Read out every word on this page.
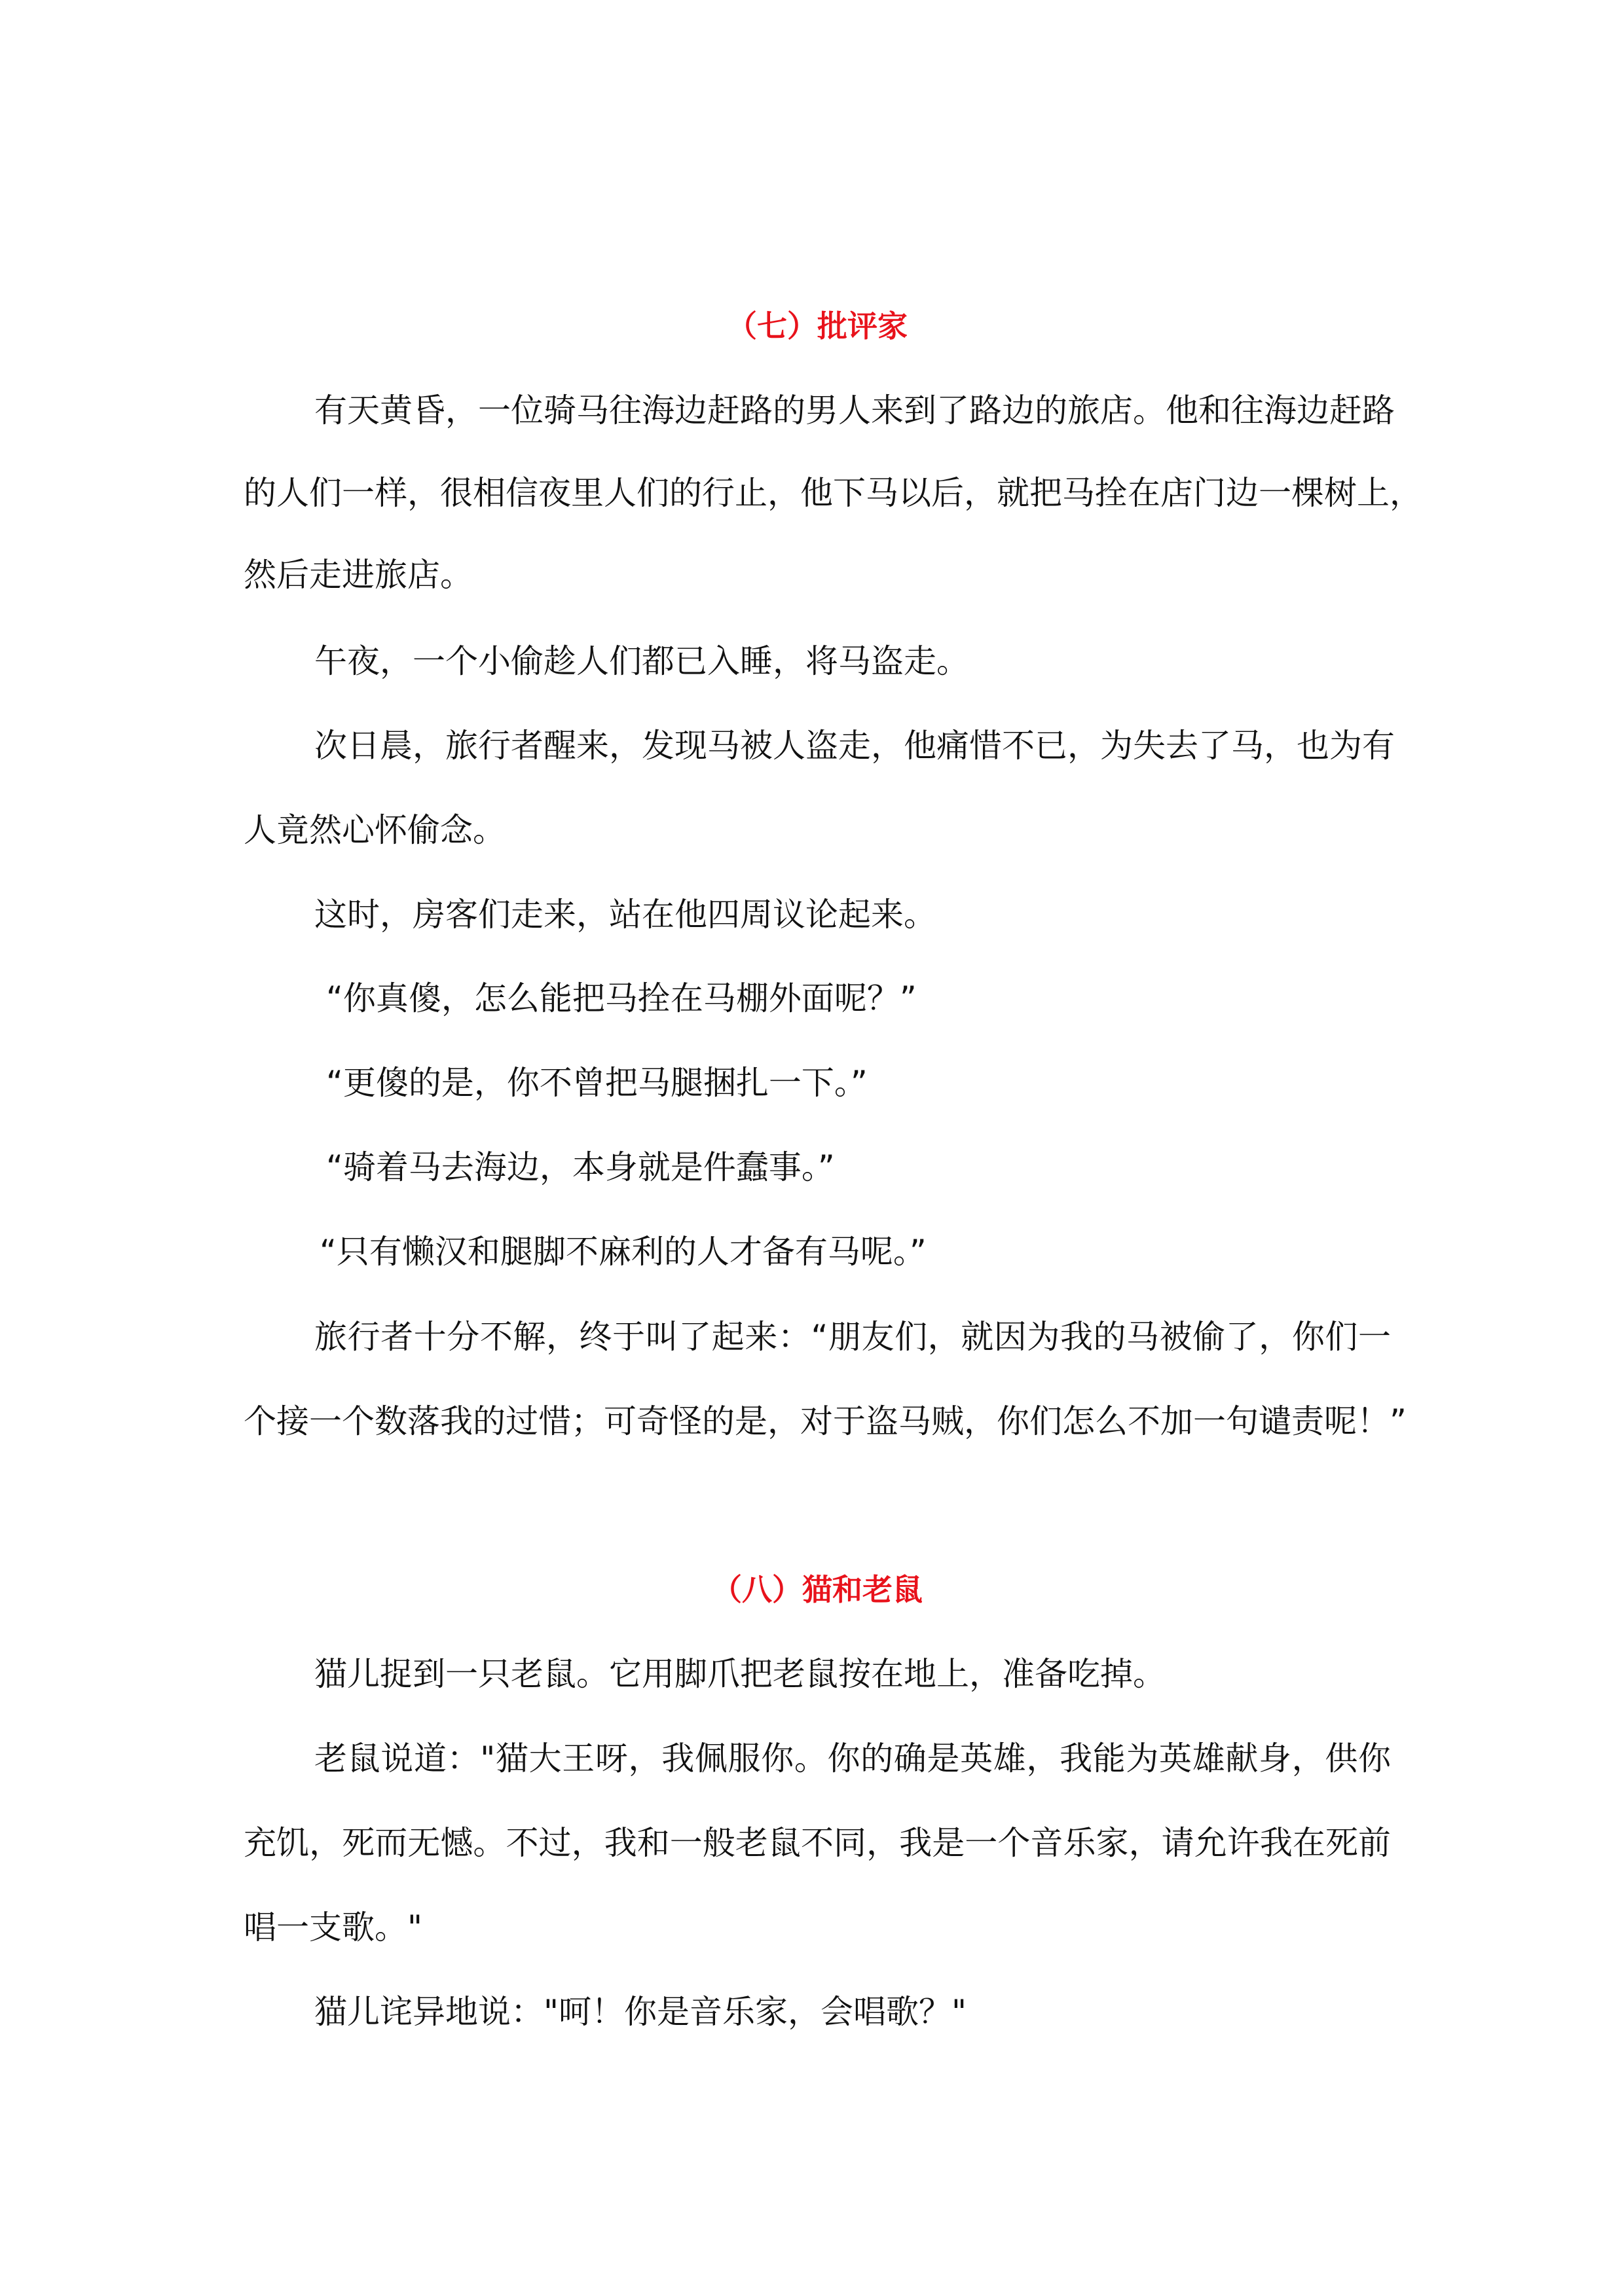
（七）批评家
有天黄昏，一位骑马往海边赶路的男人来到了路边的旅店。他和往海边赶路
的人们一样，很相信夜里人们的行止，他下马以后，就把马拴在店门边一棵树上，
然后走进旅店。
午夜，一个小偷趁人们都已入睡，将马盗走。
次日晨，旅行者醒来，发现马被人盗走，他痛惜不已，为失去了马，也为有
人竟然心怀偷念。
这时，房客们走来，站在他四周议论起来。
“你真傻，怎么能把马拴在马棚外面呢？”
“更傻的是，你不曾把马腿捆扎一下。”
“骑着马去海边，本身就是件蠢事。”
“只有懒汉和腿脚不麻利的人才备有马呢。”
旅行者十分不解，终于叫了起来：“朋友们，就因为我的马被偷了，你们一
个接一个数落我的过惜；可奇怪的是，对于盗马贼，你们怎么不加一句谴责呢！”
（八）猫和老鼠
猫儿捉到一只老鼠。它用脚爪把老鼠按在地上，准备吃掉。
老鼠说道："猫大王呀，我佩服你。你的确是英雄，我能为英雄献身，供你
充饥，死而无憾。不过，我和一般老鼠不同，我是一个音乐家，请允许我在死前
唱一支歌。"
猫儿诧异地说："呵！你是音乐家，会唱歌？"
